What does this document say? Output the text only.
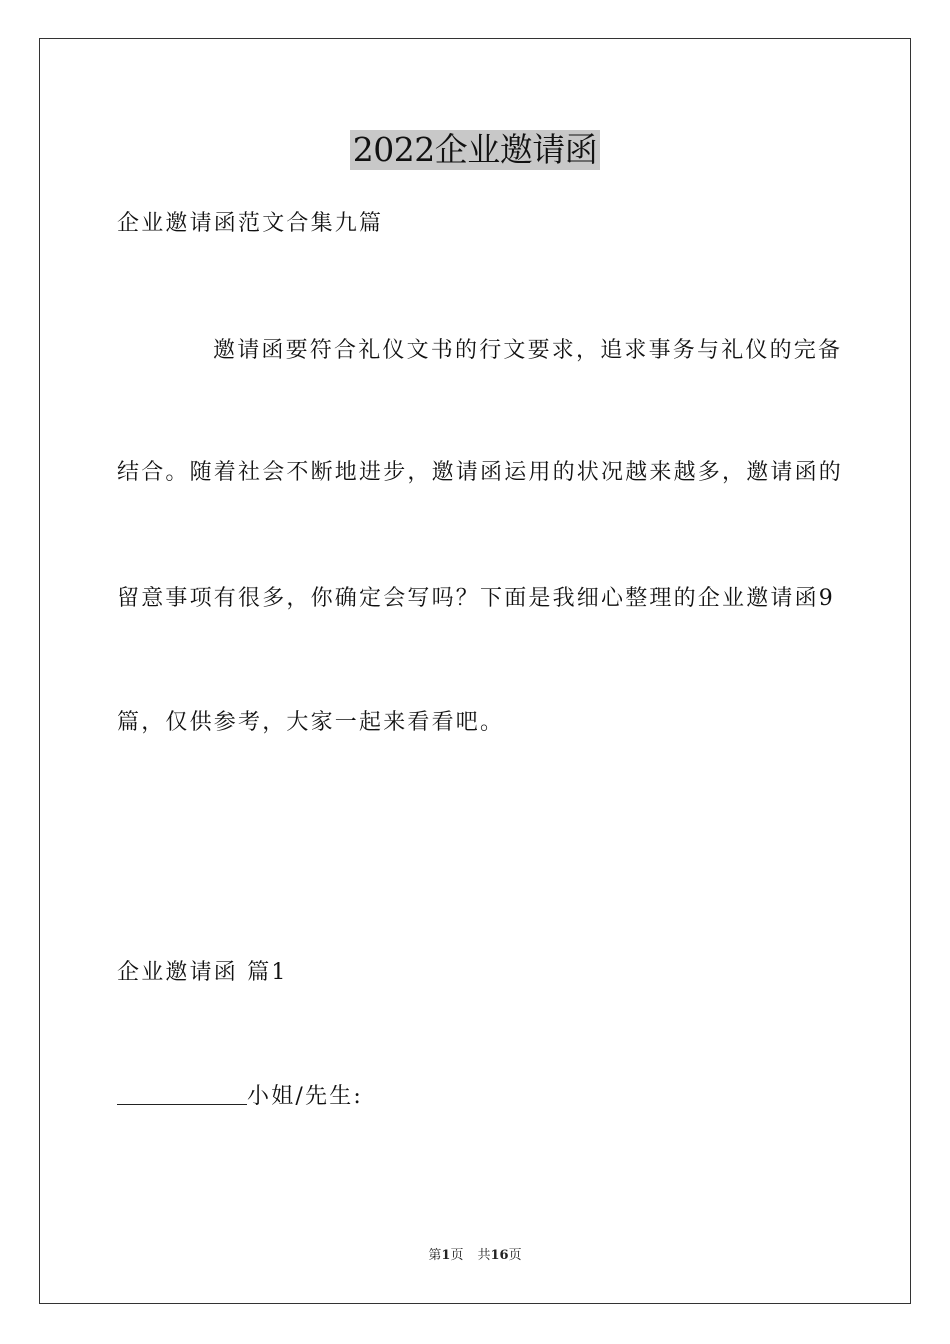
2022企业邀请函
企业邀请函范文合集九篇
邀请函要符合礼仪文书的行文要求，追求事务与礼仪的完备
结合。随着社会不断地进步，邀请函运用的状况越来越多，邀请函的
留意事项有很多，你确定会写吗？下面是我细心整理的企业邀请函9
篇，仅供参考，大家一起来看看吧。
企业邀请函 篇1
小姐/先生:
第1页 共16页
